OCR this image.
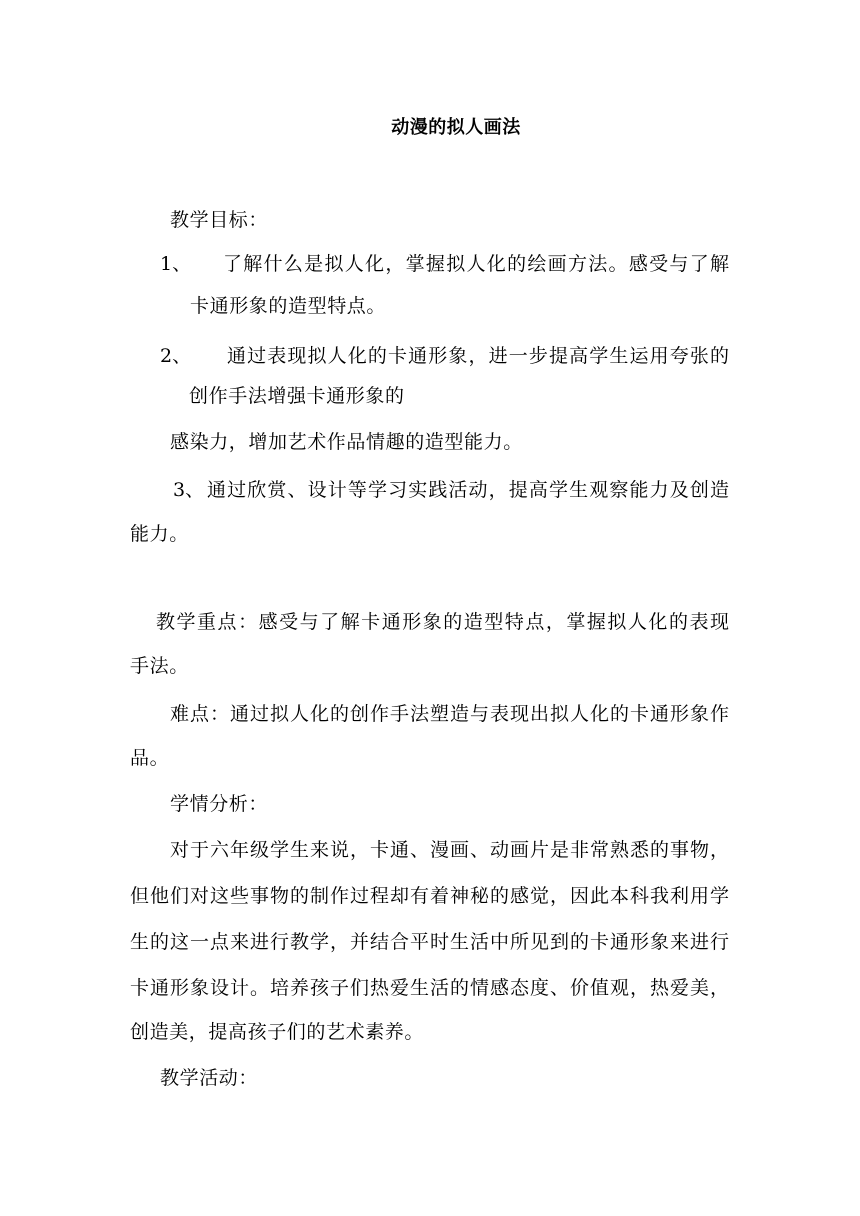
动漫的拟人画法
教学目标：
1、 了解什么是拟人化，掌握拟人化的绘画方法。感受与了解
卡通形象的造型特点。
2、 通过表现拟人化的卡通形象，进一步提高学生运用夸张的
创作手法增强卡通形象的
感染力，增加艺术作品情趣的造型能力。
3、 通过欣赏、设计等学习实践活动，提高学生观察能力及创造
能力。
教学重点：感受与了解卡通形象的造型特点，掌握拟人化的表现
手法。
难点：通过拟人化的创作手法塑造与表现出拟人化的卡通形象作
品。
学情分析：
对于六年级学生来说，卡通、漫画、动画片是非常熟悉的事物，
但他们对这些事物的制作过程却有着神秘的感觉，因此本科我利用学
生的这一点来进行教学，并结合平时生活中所见到的卡通形象来进行
卡通形象设计。培养孩子们热爱生活的情感态度、价值观，热爱美，
创造美，提高孩子们的艺术素养。
教学活动：
